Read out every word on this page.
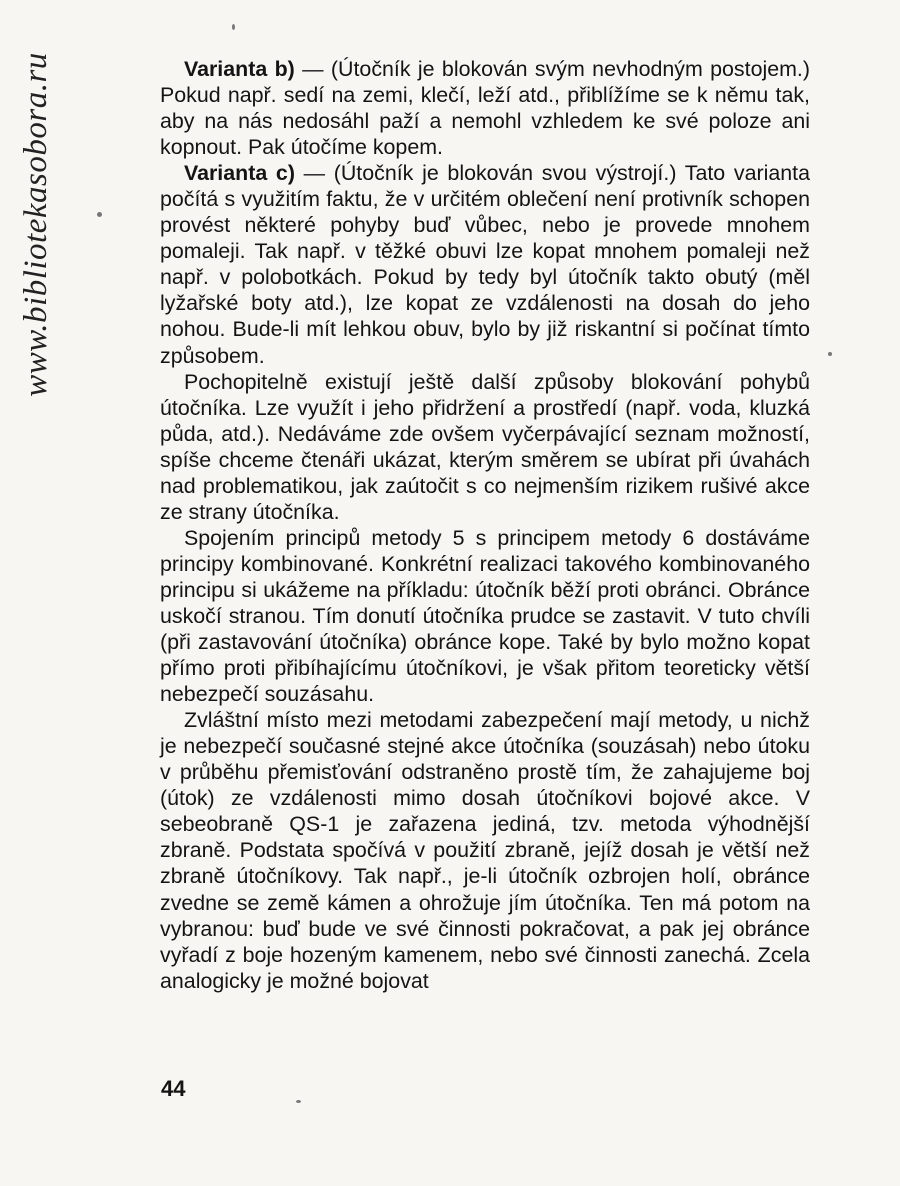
www.bibliotekasobora.ru	Varianta b) — (Útočník je blokován svým nevhodným postojem.) Pokud např. sedí na zemi, klečí, leží atd., přiblížíme se k němu tak, aby na nás nedosáhl paží a nemohl vzhledem ke své poloze ani kopnout. Pak útočíme kopem.

Varianta c) — (Útočník je blokován svou výstrojí.) Tato varianta počítá s využitím faktu, že v určitém oblečení není protivník schopen provést některé pohyby buď vůbec, nebo je provede mnohem pomaleji. Tak např. v těžké obuvi lze kopat mnohem pomaleji než např. v polobotkách. Pokud by tedy byl útočník takto obutý (měl lyžařské boty atd.), lze kopat ze vzdálenosti na dosah do jeho nohou. Bude-li mít lehkou obuv, bylo by již riskantní si počínat tímto způsobem.

Pochopitelně existují ještě další způsoby blokování pohybů útočníka. Lze využít i jeho přidržení a prostředí (např. voda, kluzká půda, atd.). Nedáváme zde ovšem vyčerpávající seznam možností, spíše chceme čtenáři ukázat, kterým směrem se ubírat při úvahách nad problematikou, jak zaútočit s co nejmenším rizikem rušivé akce ze strany útočníka.

Spojením principů metody 5 s principem metody 6 dostáváme principy kombinované. Konkrétní realizaci takového kombinovaného principu si ukážeme na příkladu: útočník běží proti obránci. Obránce uskočí stranou. Tím donutí útočníka prudce se zastavit. V tuto chvíli (při zastavování útočníka) obránce kope. Také by bylo možno kopat přímo proti přibíhajícímu útočníkovi, je však přitom teoreticky větší nebezpečí souzásahu.

Zvláštní místo mezi metodami zabezpečení mají metody, u nichž je nebezpečí současné stejné akce útočníka (souzásah) nebo útoku v průběhu přemisťování odstraněno prostě tím, že zahajujeme boj (útok) ze vzdálenosti mimo dosah útočníkovi bojové akce. V sebeobraně QS-1 je zařazena jediná, tzv. metoda výhodnější zbraně. Podstata spočívá v použití zbraně, jejíž dosah je větší než zbraně útočníkovy. Tak např., je-li útočník ozbrojen holí, obránce zvedne se země kámen a ohrožuje jím útočníka. Ten má potom na vybranou: buď bude ve své činnosti pokračovat, a pak jej obránce vyřadí z boje hozeným kamenem, nebo své činnosti zanechá. Zcela analogicky je možné bojovat

44
